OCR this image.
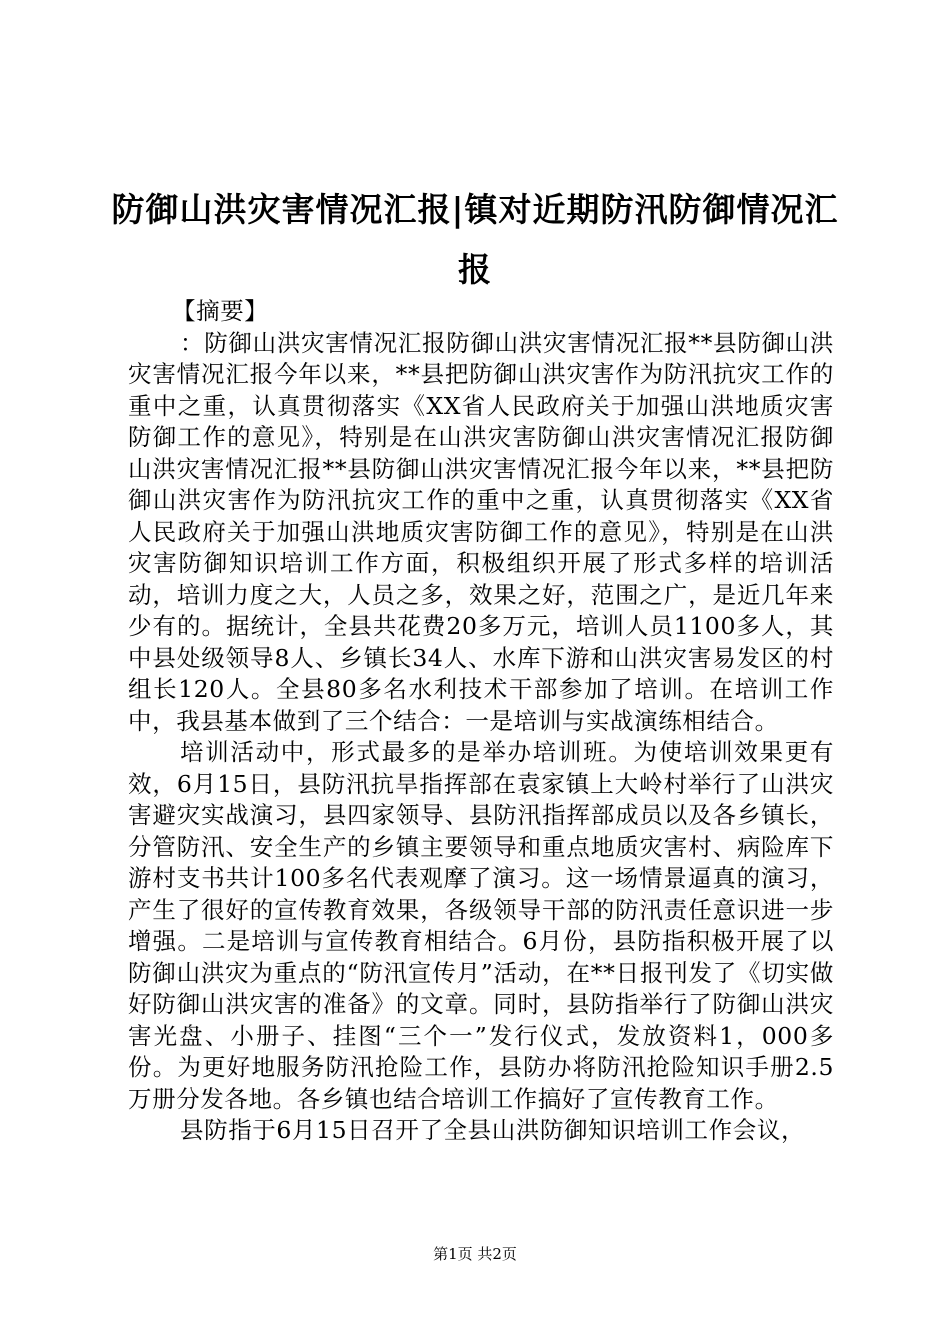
防御山洪灾害情况汇报|镇对近期防汛防御情况汇报

【摘要】

：防御山洪灾害情况汇报防御山洪灾害情况汇报**县防御山洪灾害情况汇报今年以来，**县把防御山洪灾害作为防汛抗灾工作的重中之重，认真贯彻落实《XX省人民政府关于加强山洪地质灾害防御工作的意见》，特别是在山洪灾害防御山洪灾害情况汇报防御山洪灾害情况汇报**县防御山洪灾害情况汇报今年以来，**县把防御山洪灾害作为防汛抗灾工作的重中之重，认真贯彻落实《XX省人民政府关于加强山洪地质灾害防御工作的意见》，特别是在山洪灾害防御知识培训工作方面，积极组织开展了形式多样的培训活动，培训力度之大，人员之多，效果之好，范围之广，是近几年来少有的。据统计，全县共花费20多万元，培训人员1100多人，其中县处级领导8人、乡镇长34人、水库下游和山洪灾害易发区的村组长120人。全县80多名水利技术干部参加了培训。在培训工作中，我县基本做到了三个结合：一是培训与实战演练相结合。

培训活动中，形式最多的是举办培训班。为使培训效果更有效，6月15日，县防汛抗旱指挥部在袁家镇上大岭村举行了山洪灾害避灾实战演习，县四家领导、县防汛指挥部成员以及各乡镇长，分管防汛、安全生产的乡镇主要领导和重点地质灾害村、病险库下游村支书共计100多名代表观摩了演习。这一场情景逼真的演习，产生了很好的宣传教育效果，各级领导干部的防汛责任意识进一步增强。二是培训与宣传教育相结合。6月份，县防指积极开展了以防御山洪灾为重点的“防汛宣传月”活动，在**日报刊发了《切实做好防御山洪灾害的准备》的文章。同时，县防指举行了防御山洪灾害光盘、小册子、挂图“三个一”发行仪式，发放资料1，000多份。为更好地服务防汛抢险工作，县防办将防汛抢险知识手册2.5万册分发各地。各乡镇也结合培训工作搞好了宣传教育工作。

县防指于6月15日召开了全县山洪防御知识培训工作会议，

第1页 共2页
